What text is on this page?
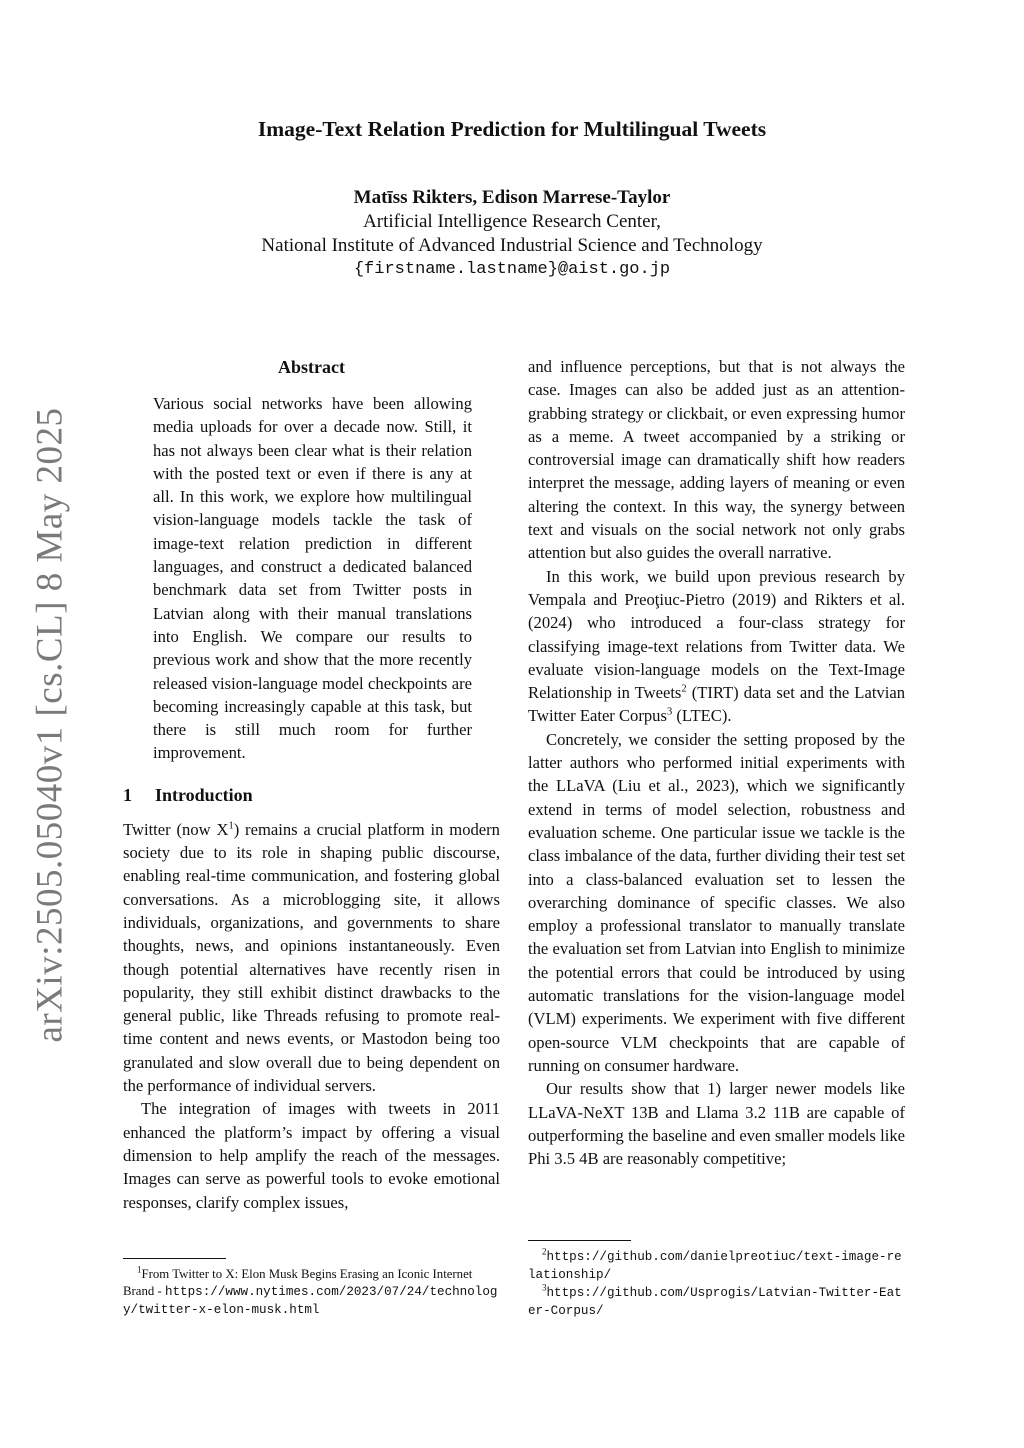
arXiv:2505.05040v1 [cs.CL] 8 May 2025
Image-Text Relation Prediction for Multilingual Tweets
Matīss Rikters, Edison Marrese-Taylor
Artificial Intelligence Research Center,
National Institute of Advanced Industrial Science and Technology
{firstname.lastname}@aist.go.jp
Abstract
Various social networks have been allowing media uploads for over a decade now. Still, it has not always been clear what is their relation with the posted text or even if there is any at all. In this work, we explore how multilingual vision-language models tackle the task of image-text relation prediction in different languages, and construct a dedicated balanced benchmark data set from Twitter posts in Latvian along with their manual translations into English. We compare our results to previous work and show that the more recently released vision-language model checkpoints are becoming increasingly capable at this task, but there is still much room for further improvement.
1 Introduction

Twitter (now $X^1$) remains a crucial platform in modern society due to its role in shaping public discourse, enabling real-time communication, and fostering global conversations. As a microblogging site, it allows individuals, organizations, and governments to share thoughts, news, and opinions instantaneously. Even though potential alternatives have recently risen in popularity, they still exhibit distinct drawbacks to the general public, like Threads refusing to promote real-time content and news events, or Mastodon being too granulated and slow overall due to being dependent on the performance of individual servers.

The integration of images with tweets in 2011 enhanced the platform’s impact by offering a visual dimension to help amplify the reach of the messages. Images can serve as powerful tools to evoke emotional responses, clarify complex issues,

$^1$From Twitter to X: Elon Musk Begins Erasing an Iconic Internet Brand - https://www.nytimes.com/2023/07/24/technology/twitter-x-elon-musk.html

and influence perceptions, but that is not always the case. Images can also be added just as an attention-grabbing strategy or clickbait, or even expressing humor as a meme. A tweet accompanied by a striking or controversial image can dramatically shift how readers interpret the message, adding layers of meaning or even altering the context. In this way, the synergy between text and visuals on the social network not only grabs attention but also guides the overall narrative.

In this work, we build upon previous research by Vempala and Preoţiuc-Pietro (2019) and Rikters et al. (2024) who introduced a four-class strategy for classifying image-text relations from Twitter data. We evaluate vision-language models on the Text-Image Relationship in Tweets$^2$ (TIRT) data set and the Latvian Twitter Eater Corpus$^3$ (LTEC).

Concretely, we consider the setting proposed by the latter authors who performed initial experiments with the LLaVA (Liu et al., 2023), which we significantly extend in terms of model selection, robustness and evaluation scheme. One particular issue we tackle is the class imbalance of the data, further dividing their test set into a class-balanced evaluation set to lessen the overarching dominance of specific classes. We also employ a professional translator to manually translate the evaluation set from Latvian into English to minimize the potential errors that could be introduced by using automatic translations for the vision-language model (VLM) experiments. We experiment with five different open-source VLM checkpoints that are capable of running on consumer hardware.

Our results show that 1) larger newer models like LLaVA-NeXT 13B and Llama 3.2 11B are capable of outperforming the baseline and even smaller models like Phi 3.5 4B are reasonably competitive;

$^2$https://github.com/danielpreotiuc/text-image-relationship/

$^3$https://github.com/Usprogis/Latvian-Twitter-Eater-Corpus/
